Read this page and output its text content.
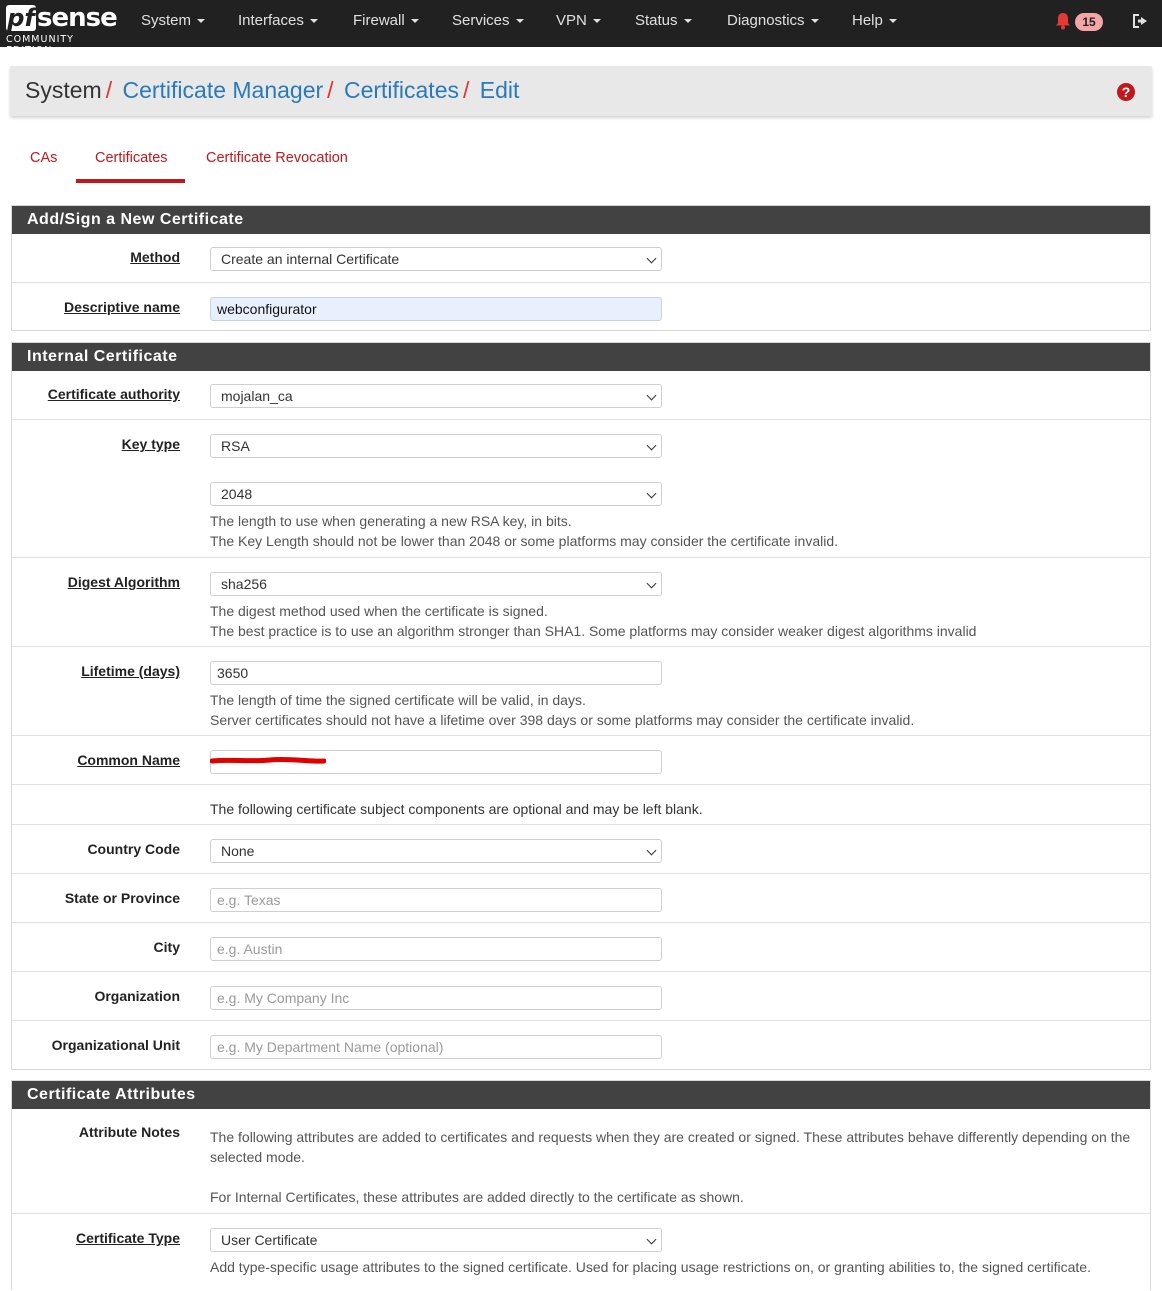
pf sense
COMMUNITY EDITION
System	Interfaces	Firewall	Services	VPN	Status	Diagnostics	Help	15
System / Certificate Manager / Certificates / Edit	?
CAs	Certificates	Certificate Revocation
Add/Sign a New Certificate
Method	Create an internal Certificate
Descriptive name	webconfigurator
Internal Certificate
Certificate authority	mojalan_ca
Key type	RSA
2048
The length to use when generating a new RSA key, in bits.
The Key Length should not be lower than 2048 or some platforms may consider the certificate invalid.
Digest Algorithm	sha256
The digest method used when the certificate is signed.
The best practice is to use an algorithm stronger than SHA1. Some platforms may consider weaker digest algorithms invalid
Lifetime (days)	3650
The length of time the signed certificate will be valid, in days.
Server certificates should not have a lifetime over 398 days or some platforms may consider the certificate invalid.
Common Name
The following certificate subject components are optional and may be left blank.
Country Code	None
State or Province	e.g. Texas
City	e.g. Austin
Organization	e.g. My Company Inc
Organizational Unit	e.g. My Department Name (optional)
Certificate Attributes
Attribute Notes The following attributes are added to certificates and requests when they are created or signed. These attributes behave differently depending on the selected mode.
For Internal Certificates, these attributes are added directly to the certificate as shown.
Certificate Type	User Certificate
Add type-specific usage attributes to the signed certificate. Used for placing usage restrictions on, or granting abilities to, the signed certificate.
